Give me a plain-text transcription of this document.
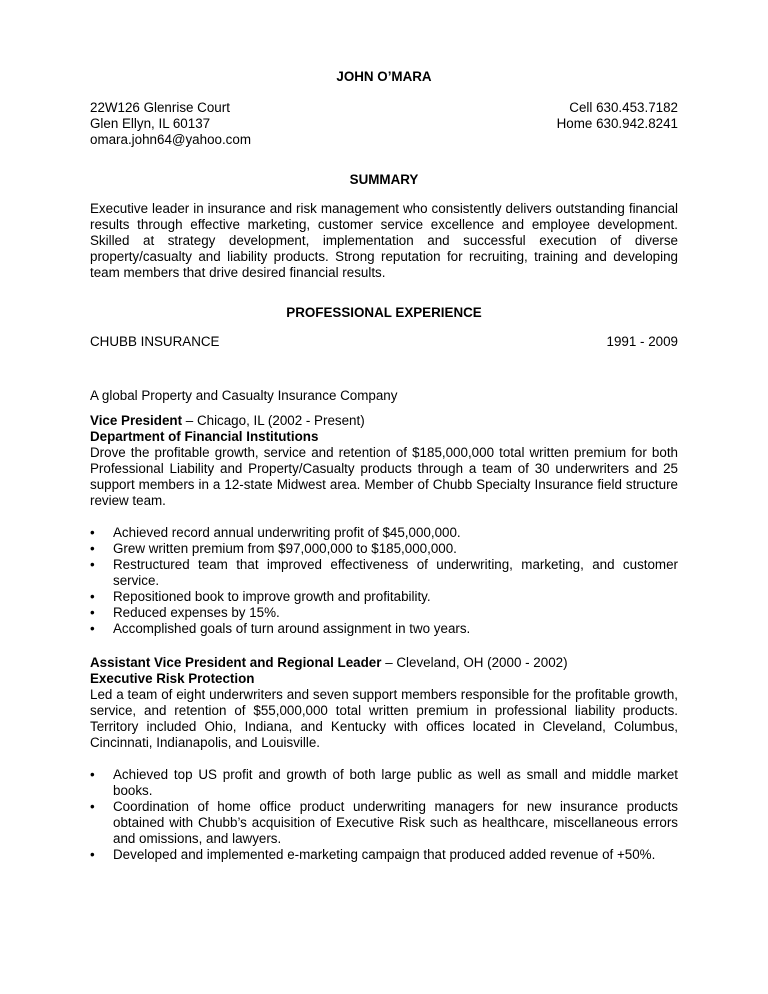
JOHN O’MARA
22W126 Glenrise Court	Cell 630.453.7182
Glen Ellyn, IL 60137	Home 630.942.8241
omara.john64@yahoo.com
SUMMARY
Executive leader in insurance and risk management who consistently delivers outstanding financial results through effective marketing, customer service excellence and employee development. Skilled at strategy development, implementation and successful execution of diverse property/casualty and liability products. Strong reputation for recruiting, training and developing team members that drive desired financial results.
PROFESSIONAL EXPERIENCE
CHUBB INSURANCE	1991 - 2009
A global Property and Casualty Insurance Company
Vice President – Chicago, IL (2002 - Present)
Department of Financial Institutions
Drove the profitable growth, service and retention of $185,000,000 total written premium for both Professional Liability and Property/Casualty products through a team of 30 underwriters and 25 support members in a 12-state Midwest area. Member of Chubb Specialty Insurance field structure review team.
• Achieved record annual underwriting profit of $45,000,000.
• Grew written premium from $97,000,000 to $185,000,000.
• Restructured team that improved effectiveness of underwriting, marketing, and customer service.
• Repositioned book to improve growth and profitability.
• Reduced expenses by 15%.
• Accomplished goals of turn around assignment in two years.
Assistant Vice President and Regional Leader – Cleveland, OH (2000 - 2002)
Executive Risk Protection
Led a team of eight underwriters and seven support members responsible for the profitable growth, service, and retention of $55,000,000 total written premium in professional liability products. Territory included Ohio, Indiana, and Kentucky with offices located in Cleveland, Columbus, Cincinnati, Indianapolis, and Louisville.
• Achieved top US profit and growth of both large public as well as small and middle market books.
• Coordination of home office product underwriting managers for new insurance products obtained with Chubb’s acquisition of Executive Risk such as healthcare, miscellaneous errors and omissions, and lawyers.
• Developed and implemented e-marketing campaign that produced added revenue of +50%.
